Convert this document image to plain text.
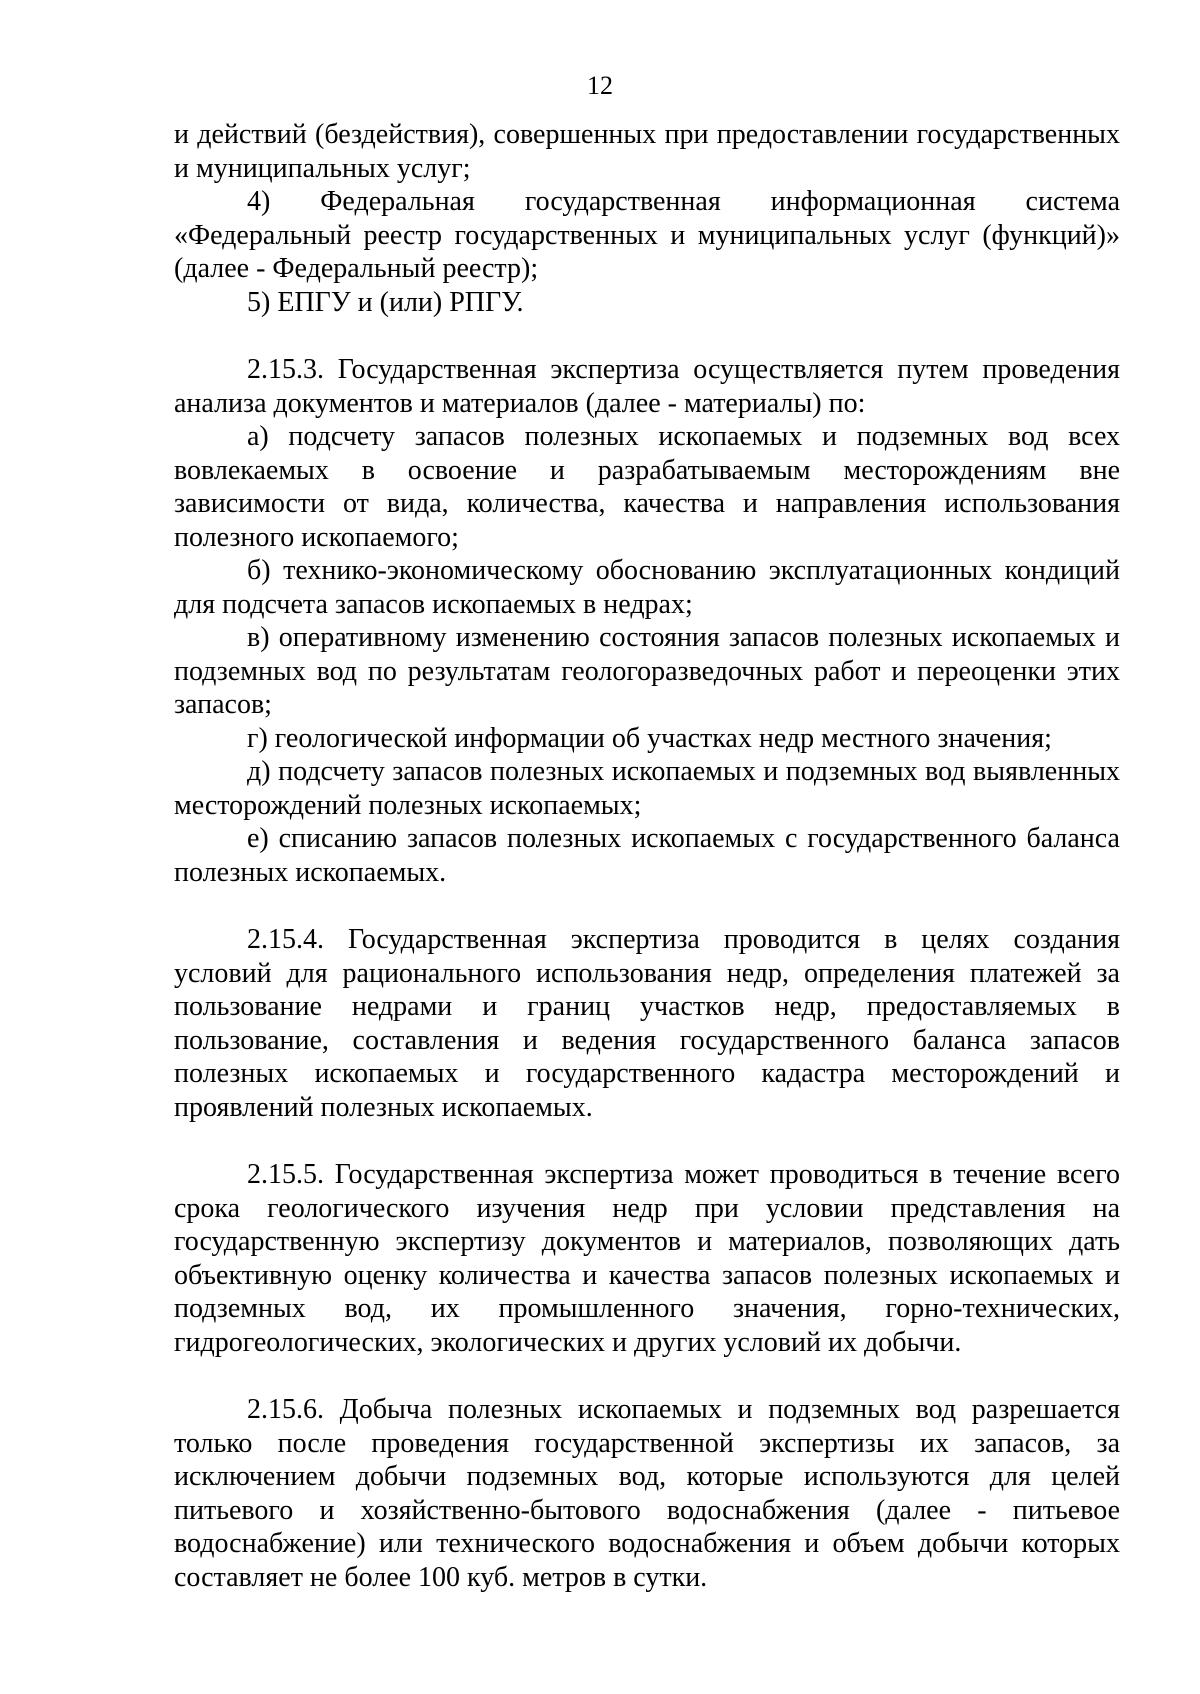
12

и действий (бездействия), совершенных при предоставлении государственных и муниципальных услуг;

4) Федеральная государственная информационная система «Федеральный реестр государственных и муниципальных услуг (функций)» (далее - Федеральный реестр);

5) ЕПГУ и (или) РПГУ.

2.15.3. Государственная экспертиза осуществляется путем проведения анализа документов и материалов (далее - материалы) по:

а) подсчету запасов полезных ископаемых и подземных вод всех вовлекаемых в освоение и разрабатываемым месторождениям вне зависимости от вида, количества, качества и направления использования полезного ископаемого;

б) технико-экономическому обоснованию эксплуатационных кондиций для подсчета запасов ископаемых в недрах;

в) оперативному изменению состояния запасов полезных ископаемых и подземных вод по результатам геологоразведочных работ и переоценки этих запасов;

г) геологической информации об участках недр местного значения;

д) подсчету запасов полезных ископаемых и подземных вод выявленных месторождений полезных ископаемых;

е) списанию запасов полезных ископаемых с государственного баланса полезных ископаемых.

2.15.4. Государственная экспертиза проводится в целях создания условий для рационального использования недр, определения платежей за пользование недрами и границ участков недр, предоставляемых в пользование, составления и ведения государственного баланса запасов полезных ископаемых и государственного кадастра месторождений и проявлений полезных ископаемых.

2.15.5. Государственная экспертиза может проводиться в течение всего срока геологического изучения недр при условии представления на государственную экспертизу документов и материалов, позволяющих дать объективную оценку количества и качества запасов полезных ископаемых и подземных вод, их промышленного значения, горно-технических, гидрогеологических, экологических и других условий их добычи.

2.15.6. Добыча полезных ископаемых и подземных вод разрешается только после проведения государственной экспертизы их запасов, за исключением добычи подземных вод, которые используются для целей питьевого и хозяйственно-бытового водоснабжения (далее - питьевое водоснабжение) или технического водоснабжения и объем добычи которых составляет не более 100 куб. метров в сутки.
